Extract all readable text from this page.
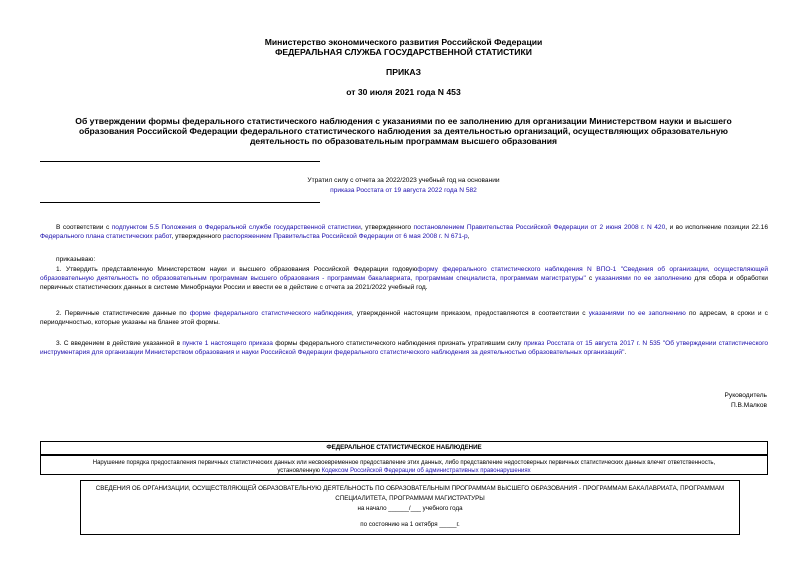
Министерство экономического развития Российской Федерации
ФЕДЕРАЛЬНАЯ СЛУЖБА ГОСУДАРСТВЕННОЙ СТАТИСТИКИ
ПРИКАЗ
от 30 июля 2021 года N 453
Об утверждении формы федерального статистического наблюдения с указаниями по ее заполнению для организации Министерством науки и высшего
образования Российской Федерации федерального статистического наблюдения за деятельностью организаций, осуществляющих образовательную
деятельность по образовательным программам высшего образования
Утратил силу с отчета за 2022/2023 учебный год на основании
приказа Росстата от 19 августа 2022 года N 582
В соответствии с подпунктом 5.5 Положения о Федеральной службе государственной статистики, утвержденного постановлением Правительства Российской Федерации от 2 июня 2008 г. N 420, и во исполнение позиции 22.16 Федерального плана статистических работ, утвержденного распоряжением Правительства Российской Федерации от 6 мая 2008 г. N 671-р,
приказываю:
1. Утвердить представленную Министерством науки и высшего образования Российской Федерации годовуюформу федерального статистического наблюдения N ВПО-1 "Сведения об организации, осуществляющей образовательную деятельность по образовательным программам высшего образования - программам бакалавриата, программам специалиста, программам магистратуры" с указаниями по ее заполнению для сбора и обработки первичных статистических данных в системе Минобрнауки России и ввести ее в действие с отчета за 2021/2022 учебный год.
2. Первичные статистические данные по форме федерального статистического наблюдения, утвержденной настоящим приказом, предоставляются в соответствии с указаниями по ее заполнению по адресам, в сроки и с периодичностью, которые указаны на бланке этой формы.
3. С введением в действие указанной в пункте 1 настоящего приказа формы федерального статистического наблюдения признать утратившим силу приказ Росстата от 15 августа 2017 г. N 535 "Об утверждении статистического инструментария для организации Министерством образования и науки Российской Федерации федерального статистического наблюдения за деятельностью образовательных организаций".
Руководитель
П.В.Малков
ФЕДЕРАЛЬНОЕ СТАТИСТИЧЕСКОЕ НАБЛЮДЕНИЕ
Нарушение порядка предоставления первичных статистических данных или несвоевременное предоставление этих данных, либо представление недостоверных первичных статистических данных влечет ответственность,
установленную Кодексом Российской Федерации об административных правонарушениях
СВЕДЕНИЯ ОБ ОРГАНИЗАЦИИ, ОСУЩЕСТВЛЯЮЩЕЙ ОБРАЗОВАТЕЛЬНУЮ ДЕЯТЕЛЬНОСТЬ ПО ОБРАЗОВАТЕЛЬНЫМ ПРОГРАММАМ ВЫСШЕГО ОБРАЗОВАНИЯ - ПРОГРАММАМ БАКАЛАВРИАТА, ПРОГРАММАМ
СПЕЦИАЛИТЕТА, ПРОГРАММАМ МАГИСТРАТУРЫ
на начало ______/___ учебного года
по состоянию на 1 октября _____г.
